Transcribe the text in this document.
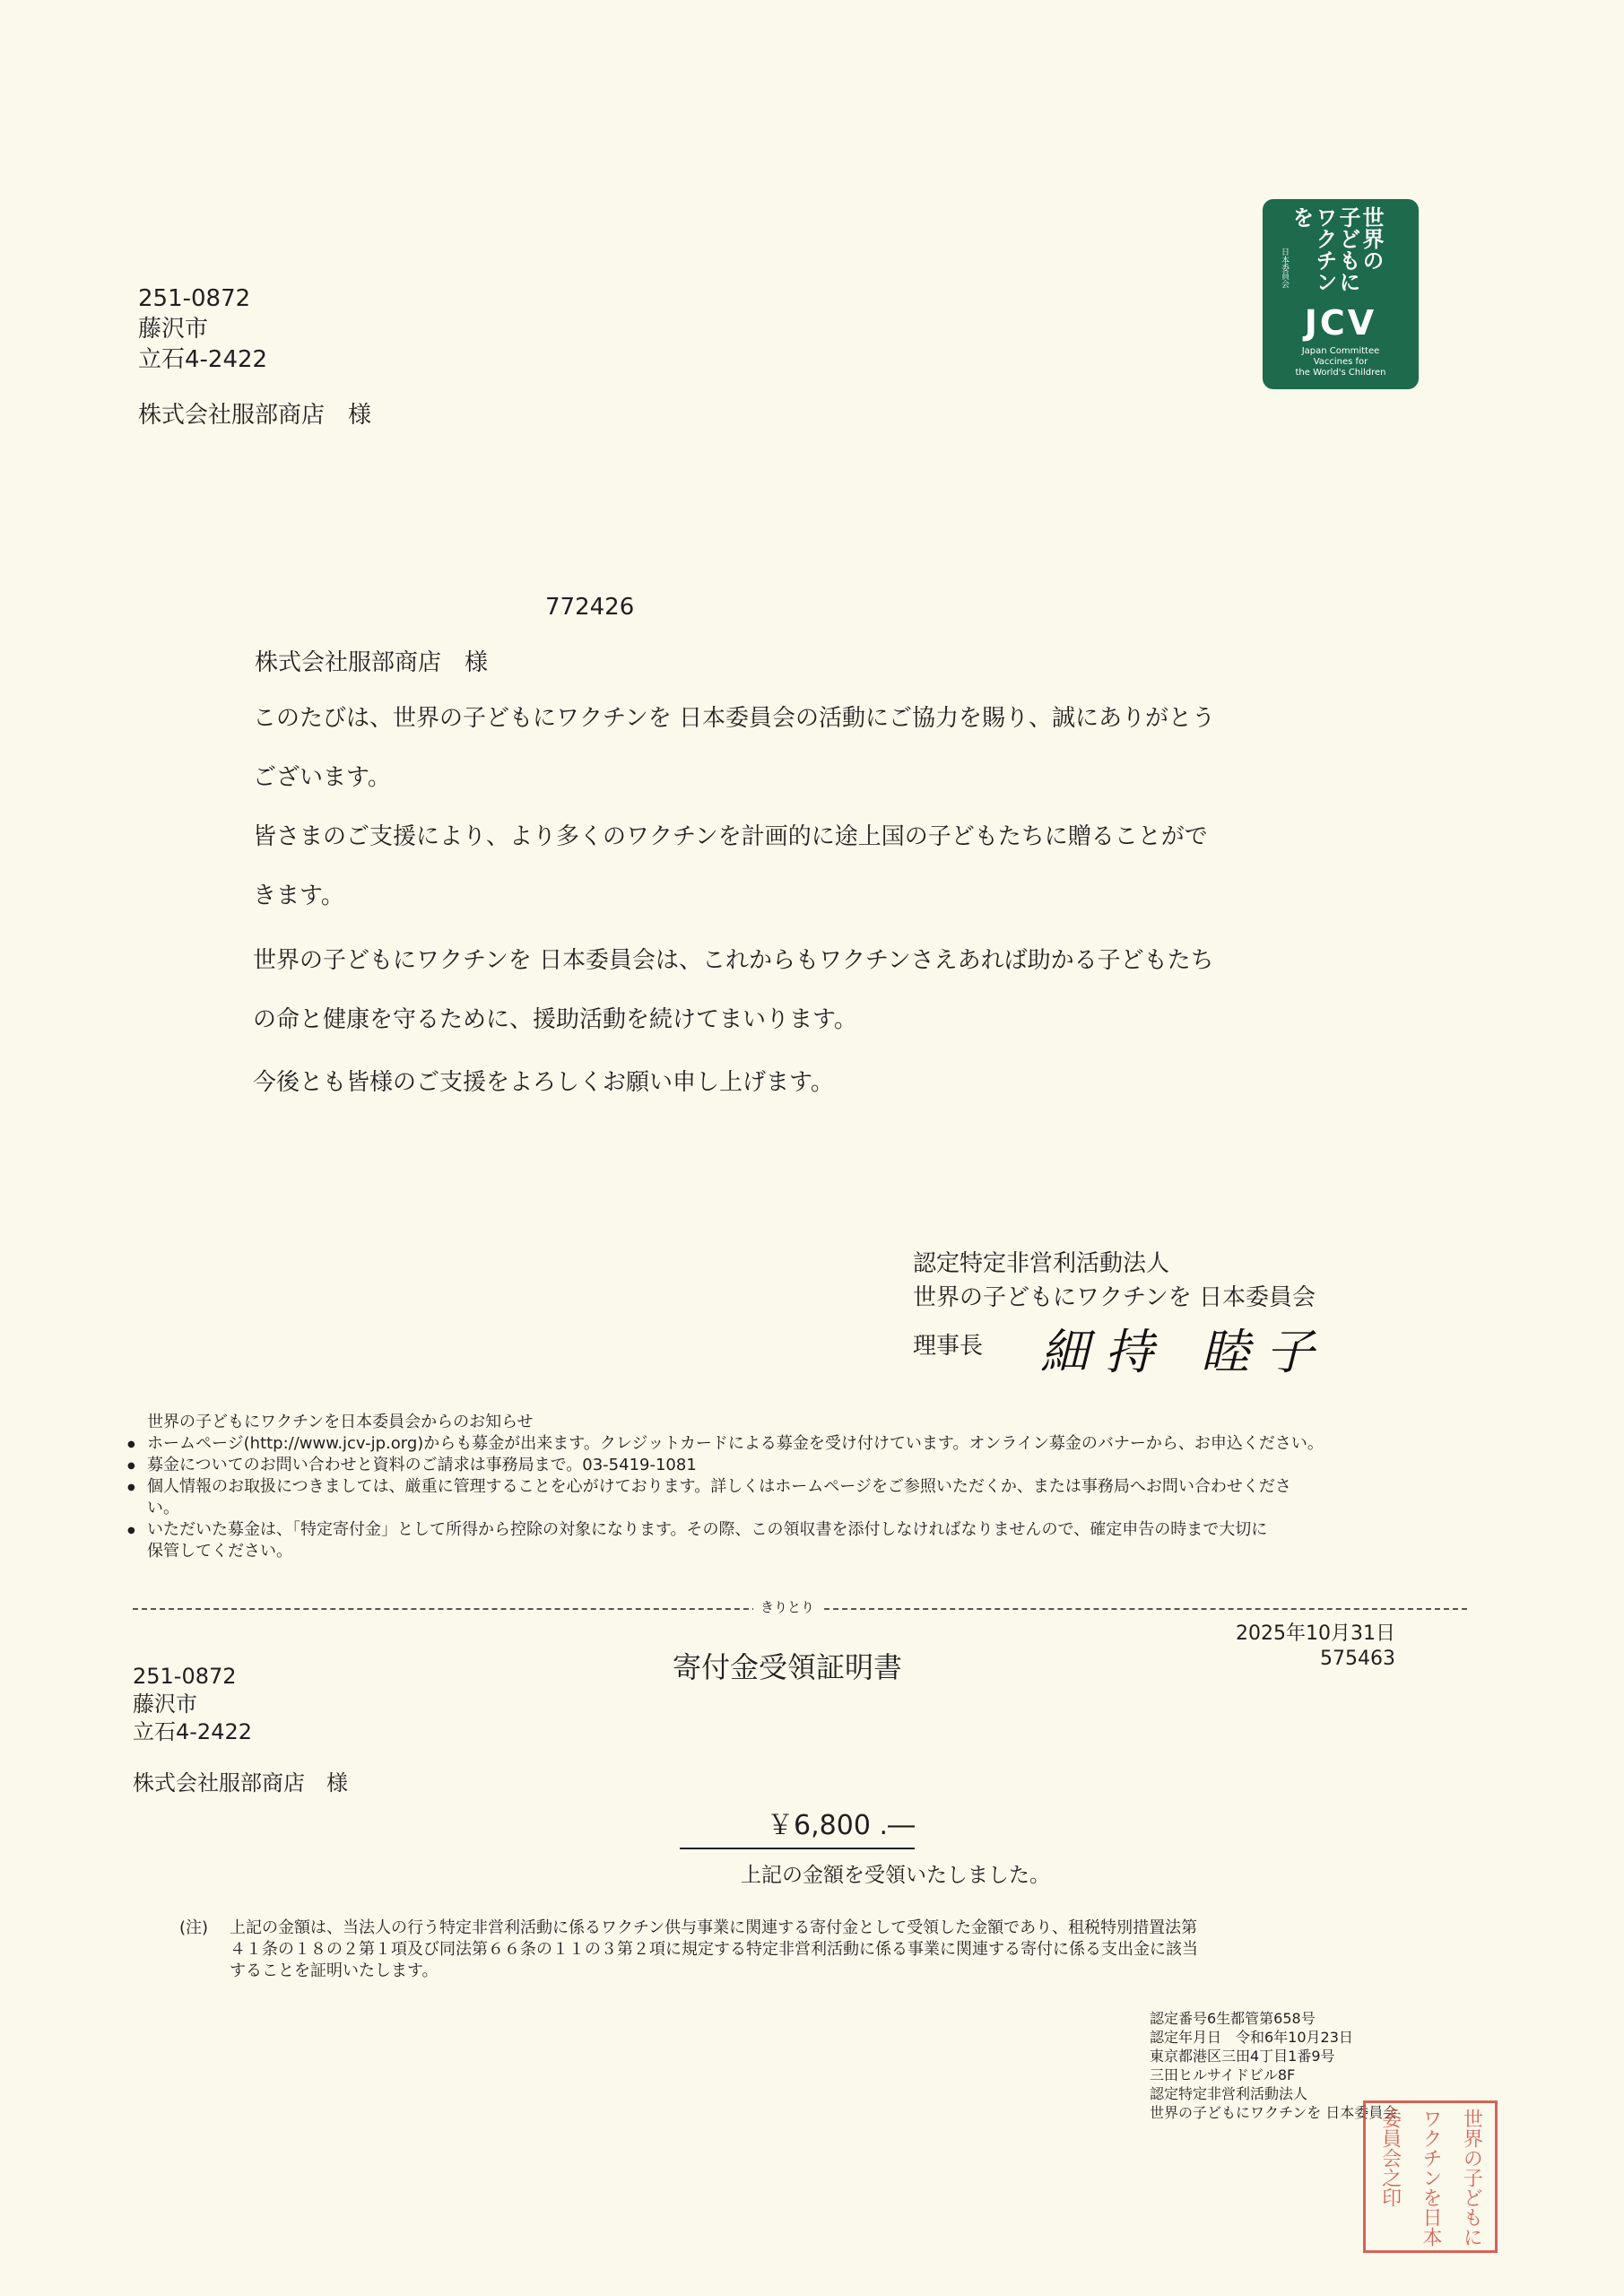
251-0872
藤沢市
立石4-2422
株式会社服部商店　様
世界の
子どもに
ワクチン
を
日本委員会
JCV
Japan Committee
Vaccines for
the World's Children
772426
株式会社服部商店　様
このたびは、世界の子どもにワクチンを 日本委員会の活動にご協力を賜り、誠にありがとう
ございます。
皆さまのご支援により、より多くのワクチンを計画的に途上国の子どもたちに贈ることがで
きます。
世界の子どもにワクチンを 日本委員会は、これからもワクチンさえあれば助かる子どもたち
の命と健康を守るために、援助活動を続けてまいります。
今後とも皆様のご支援をよろしくお願い申し上げます。
認定特定非営利活動法人
世界の子どもにワクチンを 日本委員会
理事長	細持 睦子
世界の子どもにワクチンを日本委員会からのお知らせ
● ホームページ(http://www.jcv-jp.org)からも募金が出来ます。クレジットカードによる募金を受け付けています。オンライン募金のバナーから、お申込ください。
● 募金についてのお問い合わせと資料のご請求は事務局まで。03-5419-1081
● 個人情報のお取扱につきましては、厳重に管理することを心がけております。詳しくはホームページをご参照いただくか、または事務局へお問い合わせくださ
い。
● いただいた募金は、「特定寄付金」として所得から控除の対象になります。その際、この領収書を添付しなければなりませんので、確定申告の時まで大切に
保管してください。
きりとり
2025年10月31日
575463
寄付金受領証明書
251-0872
藤沢市
立石4-2422
株式会社服部商店　様
￥6,800 .―
上記の金額を受領いたしました。
(注) 上記の金額は、当法人の行う特定非営利活動に係るワクチン供与事業に関連する寄付金として受領した金額であり、租税特別措置法第
４１条の１８の２第１項及び同法第６６条の１１の３第２項に規定する特定非営利活動に係る事業に関連する寄付に係る支出金に該当
することを証明いたします。
認定番号6生都管第658号
認定年月日　令和6年10月23日
東京都港区三田4丁目1番9号
三田ヒルサイドビル8F
認定特定非営利活動法人
世界の子どもにワクチンを 日本委員会	世界の子どもに
ワクチンを日本
委員会之印
